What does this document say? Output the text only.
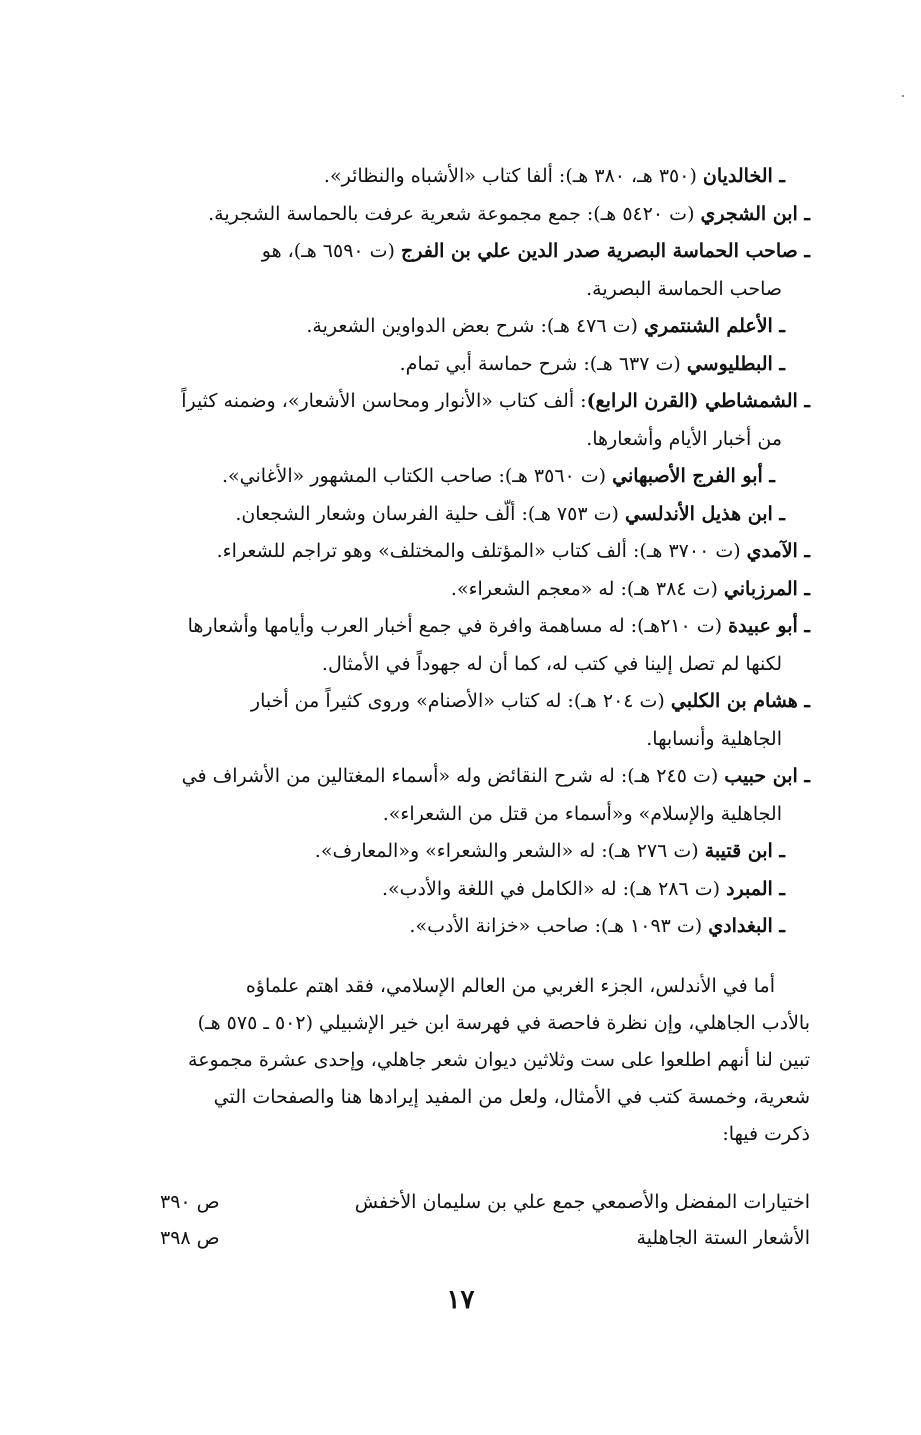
ـ الخالديان (٣٥٠ هـ، ٣٨٠ هـ): ألفا كتاب «الأشباه والنظائر».
ـ ابن الشجري (ت ٥٤٢٠ هـ): جمع مجموعة شعرية عرفت بالحماسة الشجرية.
ـ صاحب الحماسة البصرية صدر الدين علي بن الفرج (ت ٦٥٩٠ هـ)، هو
صاحب الحماسة البصرية.
ـ الأعلم الشنتمري (ت ٤٧٦ هـ): شرح بعض الدواوين الشعرية.
ـ البطليوسي (ت ٦٣٧ هـ): شرح حماسة أبي تمام.
ـ الشمشاطي (القرن الرابع): ألف كتاب «الأنوار ومحاسن الأشعار»، وضمنه كثيراً
من أخبار الأيام وأشعارها.
ـ أبو الفرج الأصبهاني (ت ٣٥٦٠ هـ): صاحب الكتاب المشهور «الأغاني».
ـ ابن هذيل الأندلسي (ت ٧٥٣ هـ): ألّف حلية الفرسان وشعار الشجعان.
ـ الآمدي (ت ٣٧٠٠ هـ): ألف كتاب «المؤتلف والمختلف» وهو تراجم للشعراء.
ـ المرزباني (ت ٣٨٤ هـ): له «معجم الشعراء».
ـ أبو عبيدة (ت ٢١٠هـ): له مساهمة وافرة في جمع أخبار العرب وأيامها وأشعارها
لكنها لم تصل إلينا في كتب له، كما أن له جهوداً في الأمثال.
ـ هشام بن الكلبي (ت ٢٠٤ هـ): له كتاب «الأصنام» وروى كثيراً من أخبار
الجاهلية وأنسابها.
ـ ابن حبيب (ت ٢٤٥ هـ): له شرح النقائض وله «أسماء المغتالين من الأشراف في
الجاهلية والإسلام» و«أسماء من قتل من الشعراء».
ـ ابن قتيبة (ت ٢٧٦ هـ): له «الشعر والشعراء» و«المعارف».
ـ المبرد (ت ٢٨٦ هـ): له «الكامل في اللغة والأدب».
ـ البغدادي (ت ١٠٩٣ هـ): صاحب «خزانة الأدب».
أما في الأندلس، الجزء الغربي من العالم الإسلامي، فقد اهتم علماؤه
بالأدب الجاهلي، وإن نظرة فاحصة في فهرسة ابن خير الإشبيلي (٥٠٢ ـ ٥٧٥ هـ)
تبين لنا أنهم اطلعوا على ست وثلاثين ديوان شعر جاهلي، وإحدى عشرة مجموعة
شعرية، وخمسة كتب في الأمثال، ولعل من المفيد إيرادها هنا والصفحات التي
ذكرت فيها:
اختيارات المفضل والأصمعي جمع علي بن سليمان الأخفش
ص ٣٩٠
الأشعار الستة الجاهلية
ص ٣٩٨
١٧
